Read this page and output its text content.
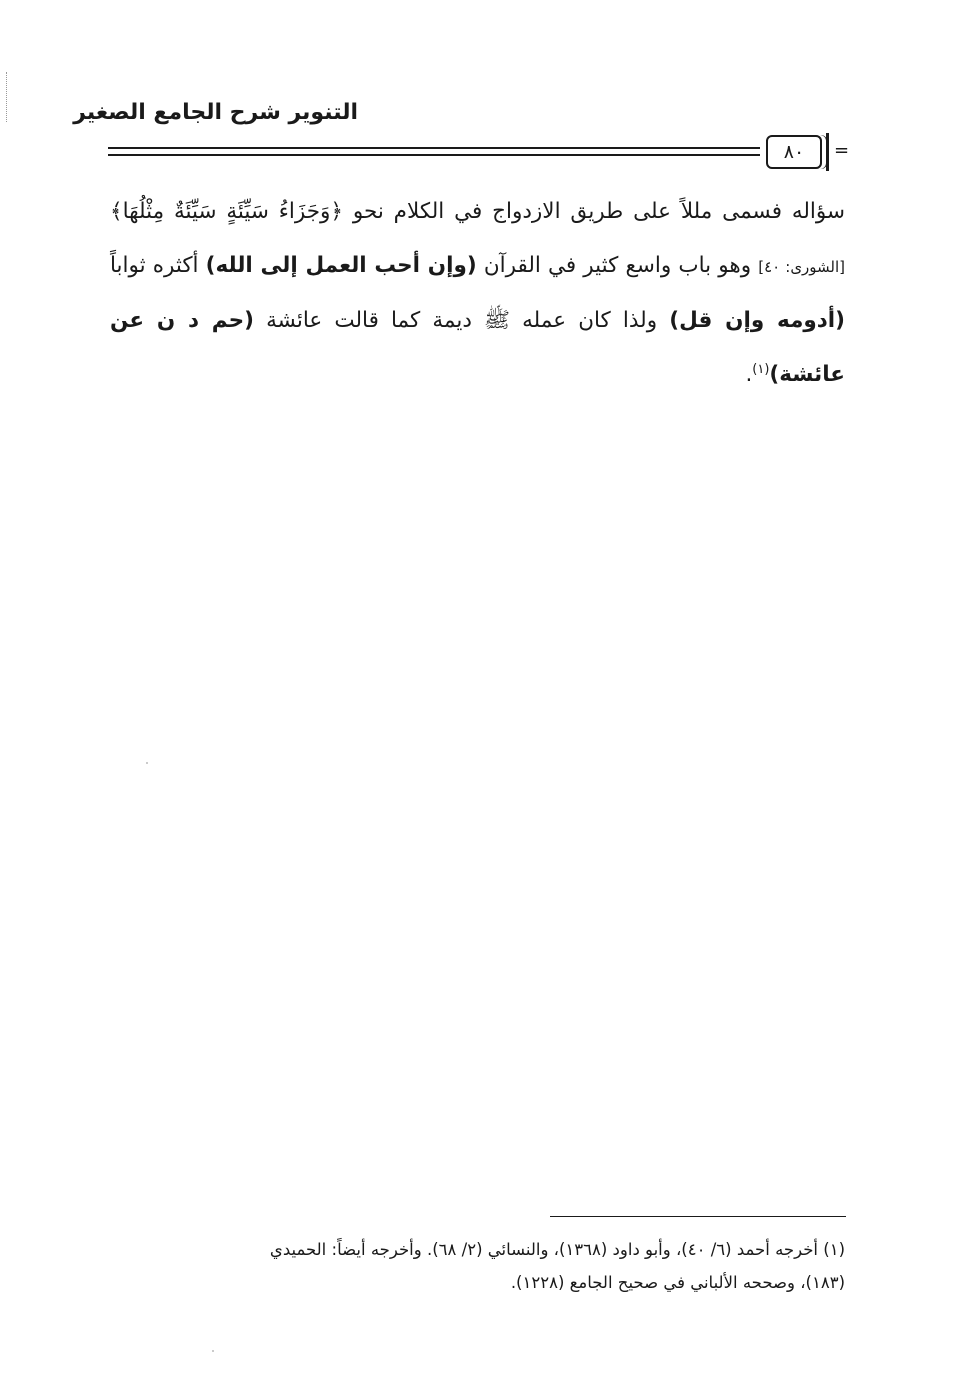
التنوير شرح الجامع الصغير
٨٠	=
سؤاله فسمى مللاً على طريق الازدواج في الكلام نحو ﴿وَجَزَاءُ سَيِّئَةٍ سَيِّئَةٌ مِثْلُهَا﴾ [الشورى: ٤٠] وهو باب واسع كثير في القرآن (وإن أحب العمل إلى الله) أكثره ثواباً (أدومه وإن قل) ولذا كان عمله ﷺ ديمة كما قالت عائشة (حم د ن عن عائشة)$^{(١)}$.
(١) أخرجه أحمد (٦/ ٤٠)، وأبو داود (١٣٦٨)، والنسائي (٢/ ٦٨). وأخرجه أيضاً: الحميدي
(١٨٣)، وصححه الألباني في صحيح الجامع (١٢٢٨).
